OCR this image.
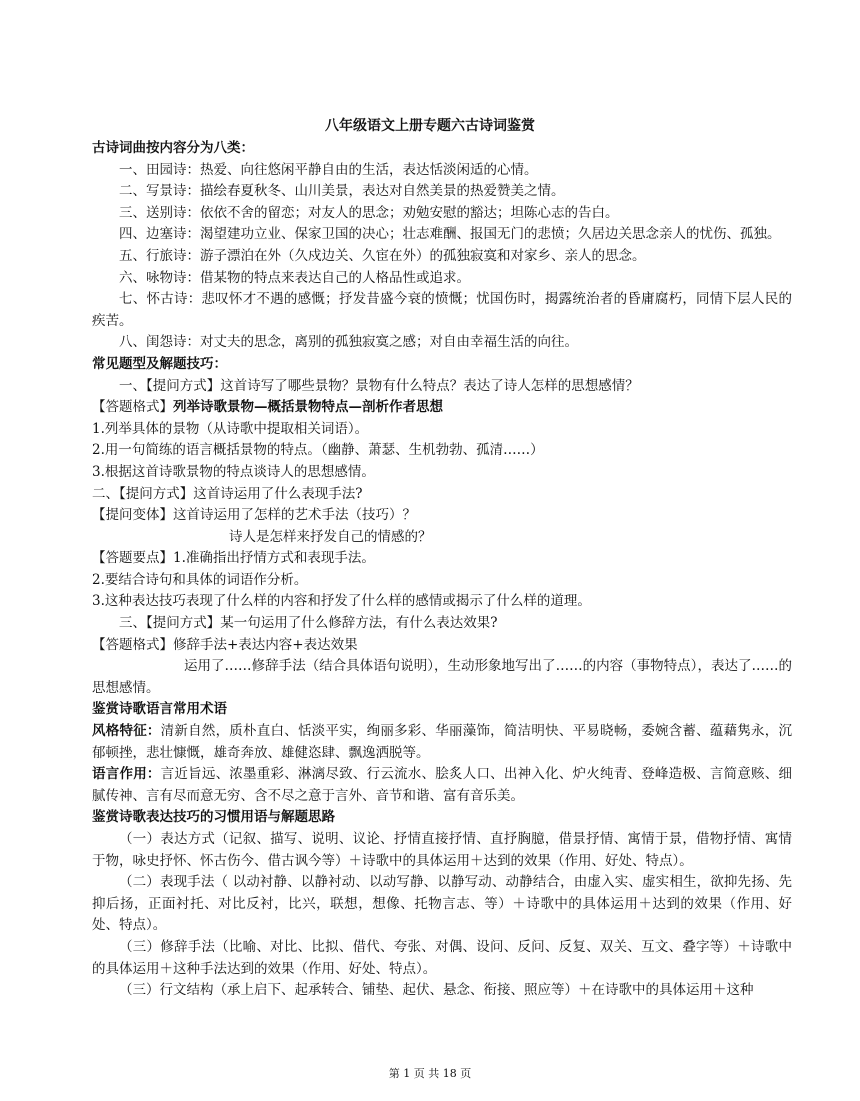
八年级语文上册专题六古诗词鉴赏

古诗词曲按内容分为八类：

一、田园诗：热爱、向往悠闲平静自由的生活，表达恬淡闲适的心情。

二、写景诗：描绘春夏秋冬、山川美景，表达对自然美景的热爱赞美之情。

三、送别诗：依依不舍的留恋；对友人的思念；劝勉安慰的豁达；坦陈心志的告白。

四、边塞诗：渴望建功立业、保家卫国的决心；壮志难酬、报国无门的悲愤；久居边关思念亲人的忧伤、孤独。

五、行旅诗：游子漂泊在外（久戍边关、久宦在外）的孤独寂寞和对家乡、亲人的思念。

六、咏物诗：借某物的特点来表达自己的人格品性或追求。

七、怀古诗：悲叹怀才不遇的感慨；抒发昔盛今衰的愤慨；忧国伤时，揭露统治者的昏庸腐朽，同情下层人民的疾苦。

八、闺怨诗：对丈夫的思念，离别的孤独寂寞之感；对自由幸福生活的向往。

常见题型及解题技巧：

一、【提问方式】这首诗写了哪些景物？景物有什么特点？表达了诗人怎样的思想感情？

【答题格式】列举诗歌景物—概括景物特点—剖析作者思想

1.列举具体的景物（从诗歌中提取相关词语）。

2.用一句简练的语言概括景物的特点。（幽静、萧瑟、生机勃勃、孤清……）

3.根据这首诗歌景物的特点谈诗人的思想感情。

二、【提问方式】这首诗运用了什么表现手法?

【提问变体】这首诗运用了怎样的艺术手法（技巧）？

诗人是怎样来抒发自己的情感的？

【答题要点】1.准确指出抒情方式和表现手法。

2.要结合诗句和具体的词语作分析。

3.这种表达技巧表现了什么样的内容和抒发了什么样的感情或揭示了什么样的道理。

三、【提问方式】某一句运用了什么修辞方法，有什么表达效果?

【答题格式】修辞手法+表达内容+表达效果

运用了……修辞手法（结合具体语句说明），生动形象地写出了……的内容（事物特点），表达了……的思想感情。

鉴赏诗歌语言常用术语

风格特征：清新自然，质朴直白、恬淡平实，绚丽多彩、华丽藻饰，简洁明快、平易晓畅，委婉含蓄、蕴藉隽永，沉郁顿挫，悲壮慷慨，雄奇奔放、雄健恣肆、飘逸洒脱等。

语言作用：言近旨远、浓墨重彩、淋漓尽致、行云流水、脍炙人口、出神入化、炉火纯青、登峰造极、言简意赅、细腻传神、言有尽而意无穷、含不尽之意于言外、音节和谐、富有音乐美。

鉴赏诗歌表达技巧的习惯用语与解题思路

（一）表达方式（记叙、描写、说明、议论、抒情直接抒情、直抒胸臆，借景抒情、寓情于景，借物抒情、寓情于物，咏史抒怀、怀古伤今、借古讽今等）＋诗歌中的具体运用＋达到的效果（作用、好处、特点）。

（二）表现手法（ 以动衬静、以静衬动、以动写静、以静写动、动静结合，由虚入实、虚实相生，欲抑先扬、先抑后扬，正面衬托、对比反衬，比兴，联想，想像、托物言志、等）＋诗歌中的具体运用＋达到的效果（作用、好处、特点）。

（三）修辞手法（比喻、对比、比拟、借代、夸张、对偶、设问、反问、反复、双关、互文、叠字等）＋诗歌中的具体运用＋这种手法达到的效果（作用、好处、特点）。

（三）行文结构（承上启下、起承转合、铺垫、起伏、悬念、衔接、照应等）＋在诗歌中的具体运用＋这种

第 1 页 共 18 页
